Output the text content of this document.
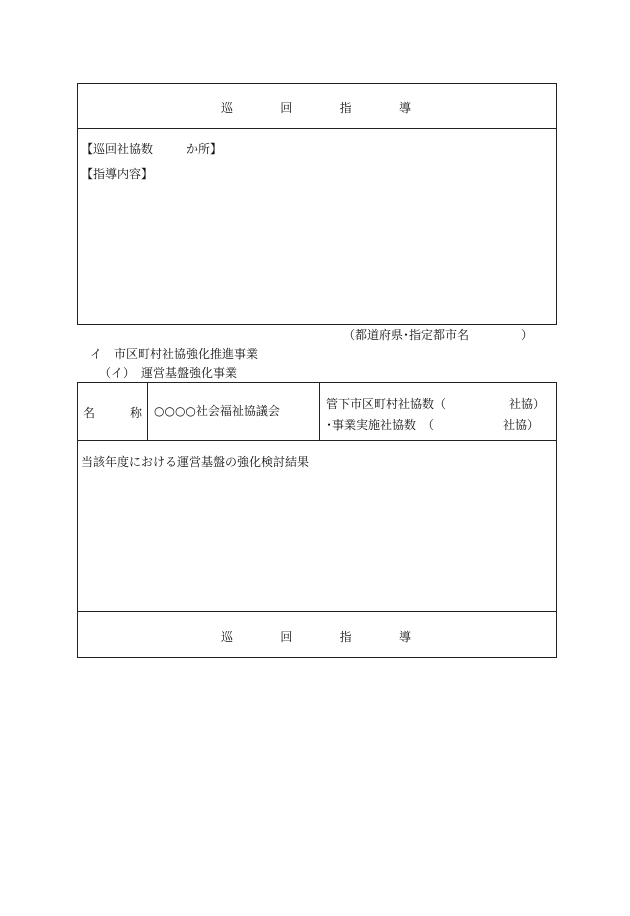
巡	回	指	導
【巡回社協数	か所】
【指導内容】
（都道府県･指定都市名	）
イ　市区町村社協強化推進事業
（イ）　運営基盤強化事業
名	称 ○○○○社会福祉協議会	管下市区町村社協数（	社協）
･事業実施社協数　（	社協）
当該年度における運営基盤の強化検討結果
巡	回	指	導
